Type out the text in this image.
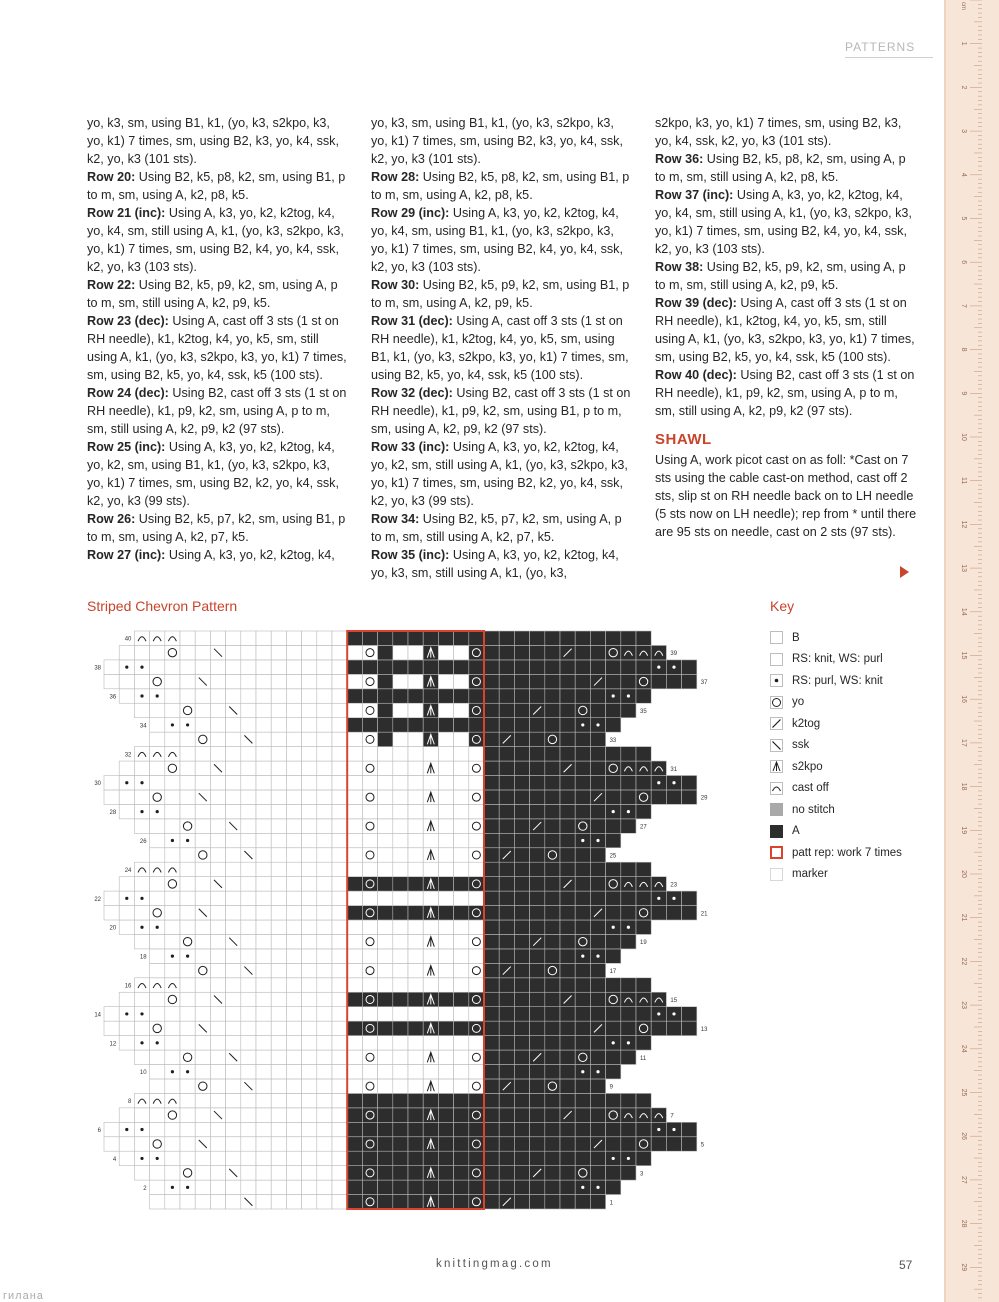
PATTERNS

yo, k3, sm, using B1, k1, (yo, k3, s2kpo, k3, yo, k1) 7 times, sm, using B2, k3, yo, k4, ssk, k2, yo, k3 (101 sts).

Row 20: Using B2, k5, p8, k2, sm, using B1, p to m, sm, using A, k2, p8, k5.

Row 21 (inc): Using A, k3, yo, k2, k2tog, k4, yo, k4, sm, still using A, k1, (yo, k3, s2kpo, k3, yo, k1) 7 times, sm, using B2, k4, yo, k4, ssk, k2, yo, k3 (103 sts).

Row 22: Using B2, k5, p9, k2, sm, using A, p to m, sm, still using A, k2, p9, k5.

Row 23 (dec): Using A, cast off 3 sts (1 st on RH needle), k1, k2tog, k4, yo, k5, sm, still using A, k1, (yo, k3, s2kpo, k3, yo, k1) 7 times, sm, using B2, k5, yo, k4, ssk, k5 (100 sts).

Row 24 (dec): Using B2, cast off 3 sts (1 st on RH needle), k1, p9, k2, sm, using A, p to m, sm, still using A, k2, p9, k2 (97 sts).

Row 25 (inc): Using A, k3, yo, k2, k2tog, k4, yo, k2, sm, using B1, k1, (yo, k3, s2kpo, k3, yo, k1) 7 times, sm, using B2, k2, yo, k4, ssk, k2, yo, k3 (99 sts).

Row 26: Using B2, k5, p7, k2, sm, using B1, p to m, sm, using A, k2, p7, k5.

Row 27 (inc): Using A, k3, yo, k2, k2tog, k4,

yo, k3, sm, using B1, k1, (yo, k3, s2kpo, k3, yo, k1) 7 times, sm, using B2, k3, yo, k4, ssk, k2, yo, k3 (101 sts).

Row 28: Using B2, k5, p8, k2, sm, using B1, p to m, sm, using A, k2, p8, k5.

Row 29 (inc): Using A, k3, yo, k2, k2tog, k4, yo, k4, sm, using B1, k1, (yo, k3, s2kpo, k3, yo, k1) 7 times, sm, using B2, k4, yo, k4, ssk, k2, yo, k3 (103 sts).

Row 30: Using B2, k5, p9, k2, sm, using B1, p to m, sm, using A, k2, p9, k5.

Row 31 (dec): Using A, cast off 3 sts (1 st on RH needle), k1, k2tog, k4, yo, k5, sm, using B1, k1, (yo, k3, s2kpo, k3, yo, k1) 7 times, sm, using B2, k5, yo, k4, ssk, k5 (100 sts).

Row 32 (dec): Using B2, cast off 3 sts (1 st on RH needle), k1, p9, k2, sm, using B1, p to m, sm, using A, k2, p9, k2 (97 sts).

Row 33 (inc): Using A, k3, yo, k2, k2tog, k4, yo, k2, sm, still using A, k1, (yo, k3, s2kpo, k3, yo, k1) 7 times, sm, using B2, k2, yo, k4, ssk, k2, yo, k3 (99 sts).

Row 34: Using B2, k5, p7, k2, sm, using A, p to m, sm, still using A, k2, p7, k5.

Row 35 (inc): Using A, k3, yo, k2, k2tog, k4, yo, k3, sm, still using A, k1, (yo, k3,

s2kpo, k3, yo, k1) 7 times, sm, using B2, k3, yo, k4, ssk, k2, yo, k3 (101 sts).

Row 36: Using B2, k5, p8, k2, sm, using A, p to m, sm, still using A, k2, p8, k5.

Row 37 (inc): Using A, k3, yo, k2, k2tog, k4, yo, k4, sm, still using A, k1, (yo, k3, s2kpo, k3, yo, k1) 7 times, sm, using B2, k4, yo, k4, ssk, k2, yo, k3 (103 sts).

Row 38: Using B2, k5, p9, k2, sm, using A, p to m, sm, still using A, k2, p9, k5.

Row 39 (dec): Using A, cast off 3 sts (1 st on RH needle), k1, k2tog, k4, yo, k5, sm, still using A, k1, (yo, k3, s2kpo, k3, yo, k1) 7 times, sm, using B2, k5, yo, k4, ssk, k5 (100 sts).

Row 40 (dec): Using B2, cast off 3 sts (1 st on RH needle), k1, p9, k2, sm, using A, p to m, sm, still using A, k2, p9, k2 (97 sts).

SHAWL

Using A, work picot cast on as foll: *Cast on 7 sts using the cable cast-on method, cast off 2 sts, slip st on RH needle back on to LH needle (5 sts now on LH needle); rep from * until there are 95 sts on needle, cast on 2 sts (97 sts).

Striped Chevron Pattern	Key
40
38
36
34
32
30
28
26
24
22
20
18
16
14
12
10
8
6
4
2
39
37
35
33
31
29
27
25
23
21
19
17
15
13
11
9
7
5
3
1
B
RS: knit, WS: purl
RS: purl, WS: knit
yo
k2tog
ssk
s2kpo
cast off
no stitch
A
patt rep: work 7 times
marker
knittingmag.com	57
гилана
1
2
3
4
5
6
7
8
9
10
11
12
13
14
15
16
17
18
19
20
21
22
23
24
25
26
27
28
29
cm
